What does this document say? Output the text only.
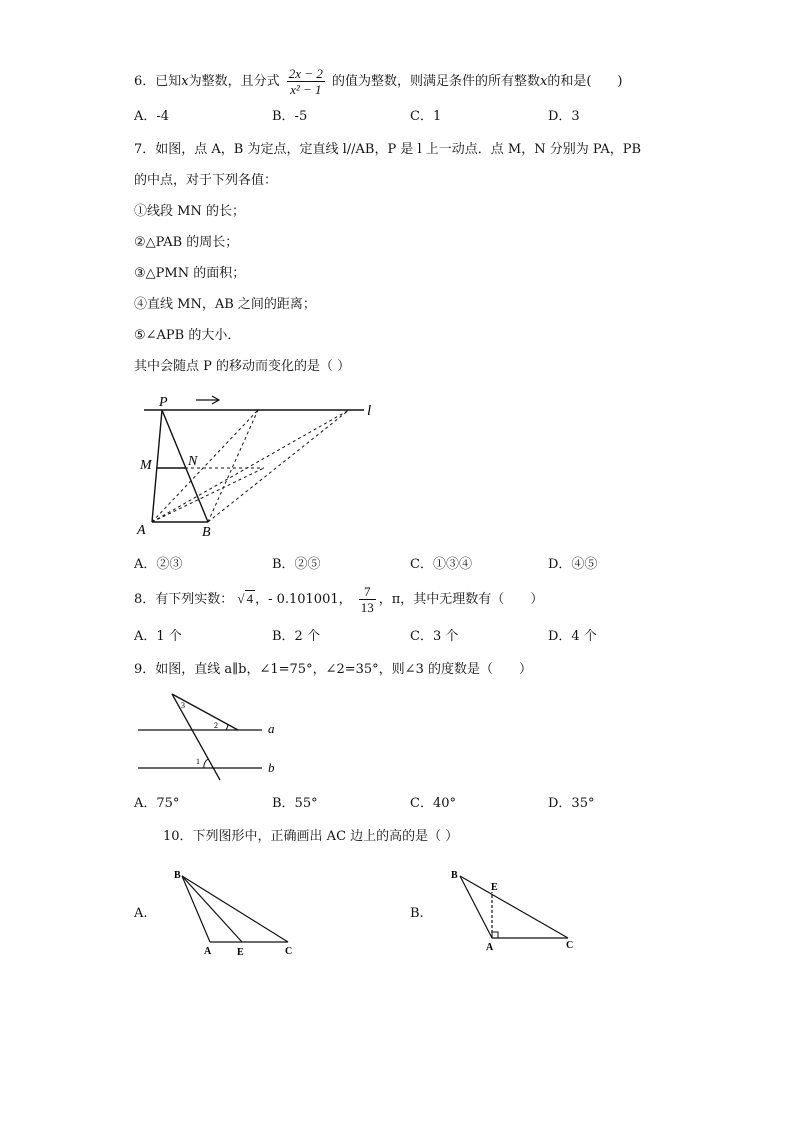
6．已知x为整数，且分式 $\frac{2x - 2}{\text{x² − 1}}$ 的值为整数，则满足条件的所有整数x的和是(　　)
A．-4	B．-5	C．1	D．3
7．如图，点 A，B 为定点，定直线 l//AB，P 是 l 上一动点．点 M，N 分别为 PA，PB
的中点，对于下列各值：
①线段 MN 的长；
②△PAB 的周长；
③△PMN 的面积；
④直线 MN，AB 之间的距离；
⑤∠APB 的大小．
其中会随点 P 的移动而变化的是（ ）
P
M	N
A	B
l
A．②③	B．②⑤	C．①③④	D．④⑤
8．有下列实数： √ 4 ，- 0.101001， $\frac{7}{13}$ ，π，其中无理数有（　　）
A．1 个	B．2 个	C．3 个	D．4 个
9．如图，直线 a∥b，∠1=75°，∠2=35°，则∠3 的度数是（　　）
3
2
1
a
b
A．75°	B．55°	C．40°	D．35°
10．下列图形中，正确画出 AC 边上的高的是（ ）
A.
B
A	E	C
B.
B
E
A	C
